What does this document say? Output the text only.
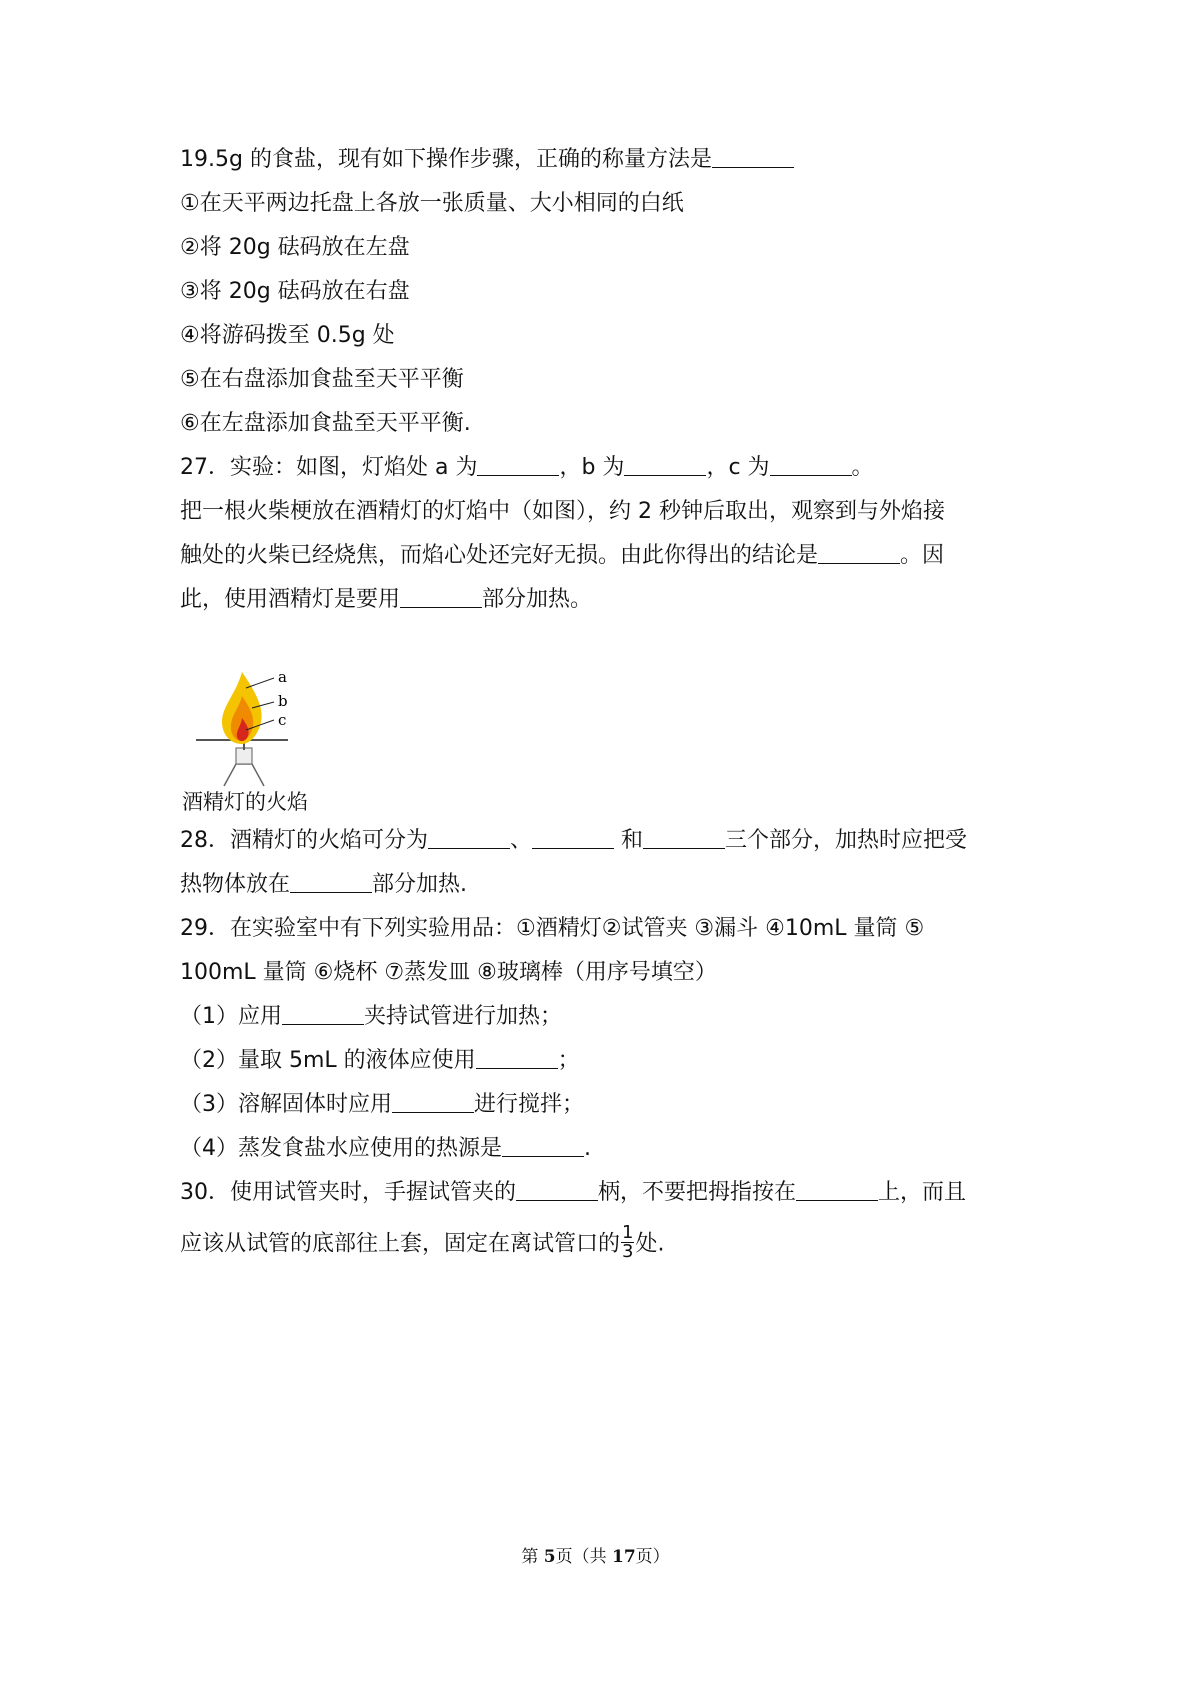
19.5g 的食盐，现有如下操作步骤，正确的称量方法是
①在天平两边托盘上各放一张质量、大小相同的白纸
②将 20g 砝码放在左盘
③将 20g 砝码放在右盘
④将游码拨至 0.5g 处
⑤在右盘添加食盐至天平平衡
⑥在左盘添加食盐至天平平衡.
27．实验：如图，灯焰处 a 为	，b 为	，c 为	。
把一根火柴梗放在酒精灯的灯焰中（如图），约 2 秒钟后取出，观察到与外焰接
触处的火柴已经烧焦，而焰心处还完好无损。由此你得出的结论是	。因
此，使用酒精灯是要用	部分加热。
a
b
c
酒精灯的火焰
28．酒精灯的火焰可分为	、	和	三个部分，加热时应把受
热物体放在	部分加热.
29．在实验室中有下列实验用品：①酒精灯②试管夹 ③漏斗 ④10mL 量筒 ⑤
100mL 量筒 ⑥烧杯 ⑦蒸发皿 ⑧玻璃棒（用序号填空）
（1）应用	夹持试管进行加热；
（2）量取 5mL 的液体应使用	；
（3）溶解固体时应用	进行搅拌；
（4）蒸发食盐水应使用的热源是	.
30．使用试管夹时，手握试管夹的	柄，不要把拇指按在	上，而且
应该从试管的底部往上套，固定在离试管口的 $\frac{1}{3}$ 处.
第 5页（共 17页）
